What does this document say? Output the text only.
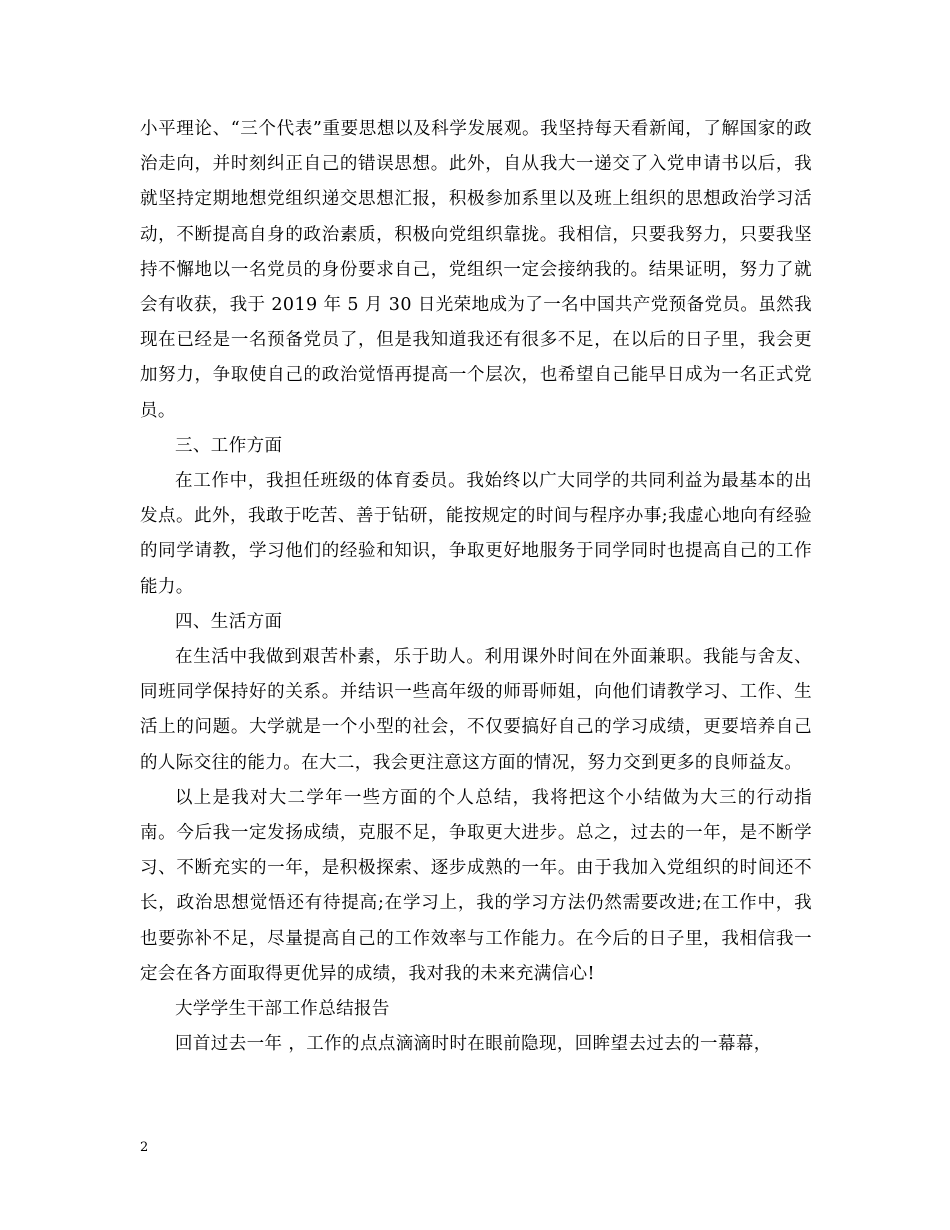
小平理论、“三个代表”重要思想以及科学发展观。我坚持每天看新闻，了解国家的政治走向，并时刻纠正自己的错误思想。此外，自从我大一递交了入党申请书以后，我就坚持定期地想党组织递交思想汇报，积极参加系里以及班上组织的思想政治学习活动，不断提高自身的政治素质，积极向党组织靠拢。我相信，只要我努力，只要我坚持不懈地以一名党员的身份要求自己，党组织一定会接纳我的。结果证明，努力了就会有收获，我于 2019 年 5 月 30 日光荣地成为了一名中国共产党预备党员。虽然我现在已经是一名预备党员了，但是我知道我还有很多不足，在以后的日子里，我会更加努力，争取使自己的政治觉悟再提高一个层次，也希望自己能早日成为一名正式党员。

三、工作方面

在工作中，我担任班级的体育委员。我始终以广大同学的共同利益为最基本的出发点。此外，我敢于吃苦、善于钻研，能按规定的时间与程序办事;我虚心地向有经验的同学请教，学习他们的经验和知识，争取更好地服务于同学同时也提高自己的工作能力。

四、生活方面

在生活中我做到艰苦朴素，乐于助人。利用课外时间在外面兼职。我能与舍友、同班同学保持好的关系。并结识一些高年级的师哥师姐，向他们请教学习、工作、生活上的问题。大学就是一个小型的社会，不仅要搞好自己的学习成绩，更要培养自己的人际交往的能力。在大二，我会更注意这方面的情况，努力交到更多的良师益友。

以上是我对大二学年一些方面的个人总结，我将把这个小结做为大三的行动指南。今后我一定发扬成绩，克服不足，争取更大进步。总之，过去的一年，是不断学习、不断充实的一年，是积极探索、逐步成熟的一年。由于我加入党组织的时间还不长，政治思想觉悟还有待提高;在学习上，我的学习方法仍然需要改进;在工作中，我也要弥补不足，尽量提高自己的工作效率与工作能力。在今后的日子里，我相信我一定会在各方面取得更优异的成绩，我对我的未来充满信心!

大学学生干部工作总结报告

回首过去一年 ，工作的点点滴滴时时在眼前隐现，回眸望去过去的一幕幕，

2
